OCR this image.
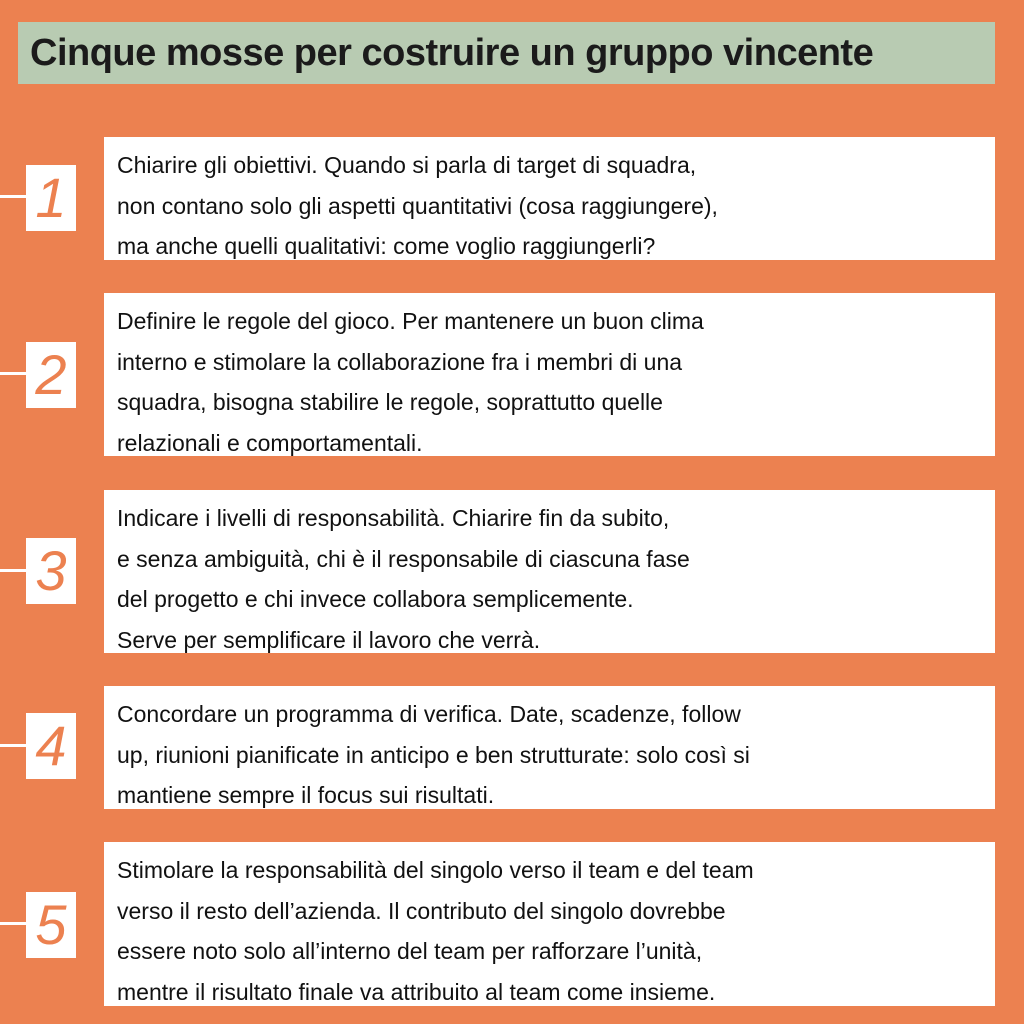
Cinque mosse per costruire un gruppo vincente
1

Chiarire gli obiettivi. Quando si parla di target di squadra,

non contano solo gli aspetti quantitativi (cosa raggiungere),

ma anche quelli qualitativi: come voglio raggiungerli?

2

Definire le regole del gioco. Per mantenere un buon clima

interno e stimolare la collaborazione fra i membri di una

squadra, bisogna stabilire le regole, soprattutto quelle

relazionali e comportamentali.

3

Indicare i livelli di responsabilità. Chiarire fin da subito,

e senza ambiguità, chi è il responsabile di ciascuna fase

del progetto e chi invece collabora semplicemente.

Serve per semplificare il lavoro che verrà.

4 Concordare un programma di verifica. Date, scadenze, follow

up, riunioni pianificate in anticipo e ben strutturate: solo così si

mantiene sempre il focus sui risultati.

5

Stimolare la responsabilità del singolo verso il team e del team

verso il resto dell’azienda. Il contributo del singolo dovrebbe

essere noto solo all’interno del team per rafforzare l’unità,

mentre il risultato finale va attribuito al team come insieme.
